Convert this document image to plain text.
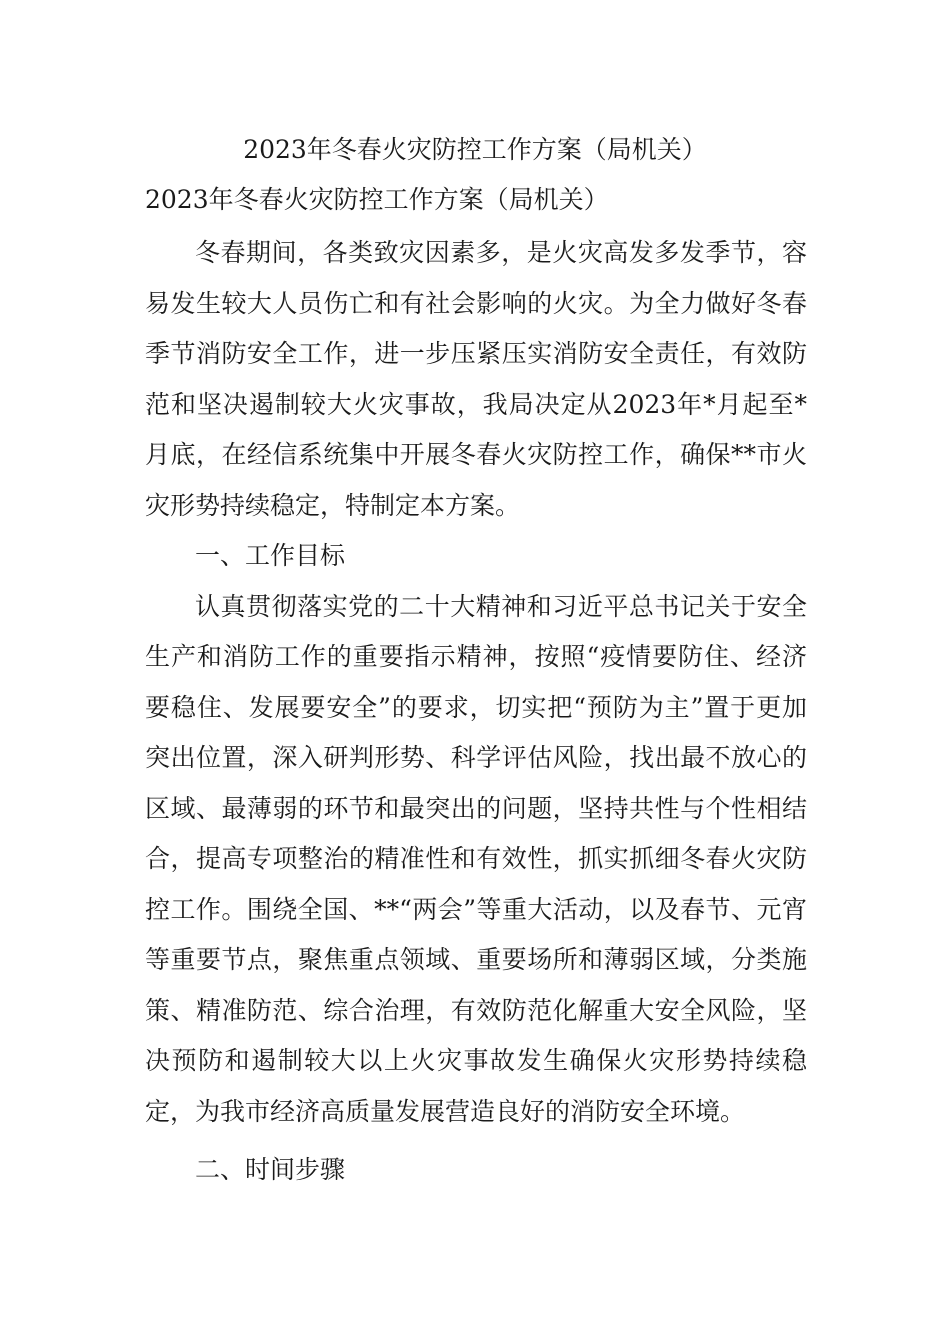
2023年冬春火灾防控工作方案（局机关）

2023年冬春火灾防控工作方案（局机关）

冬春期间，各类致灾因素多，是火灾高发多发季节，容易发生较大人员伤亡和有社会影响的火灾。为全力做好冬春季节消防安全工作，进一步压紧压实消防安全责任，有效防范和坚决遏制较大火灾事故，我局决定从2023年*月起至*月底，在经信系统集中开展冬春火灾防控工作，确保**市火灾形势持续稳定，特制定本方案。

一、工作目标

认真贯彻落实党的二十大精神和习近平总书记关于安全生产和消防工作的重要指示精神，按照“疫情要防住、经济要稳住、发展要安全”的要求，切实把“预防为主”置于更加突出位置，深入研判形势、科学评估风险，找出最不放心的区域、最薄弱的环节和最突出的问题，坚持共性与个性相结合，提高专项整治的精准性和有效性，抓实抓细冬春火灾防控工作。围绕全国、**“两会”等重大活动，以及春节、元宵等重要节点，聚焦重点领域、重要场所和薄弱区域，分类施策、精准防范、综合治理，有效防范化解重大安全风险，坚决预防和遏制较大以上火灾事故发生确保火灾形势持续稳定，为我市经济高质量发展营造良好的消防安全环境。

二、时间步骤
